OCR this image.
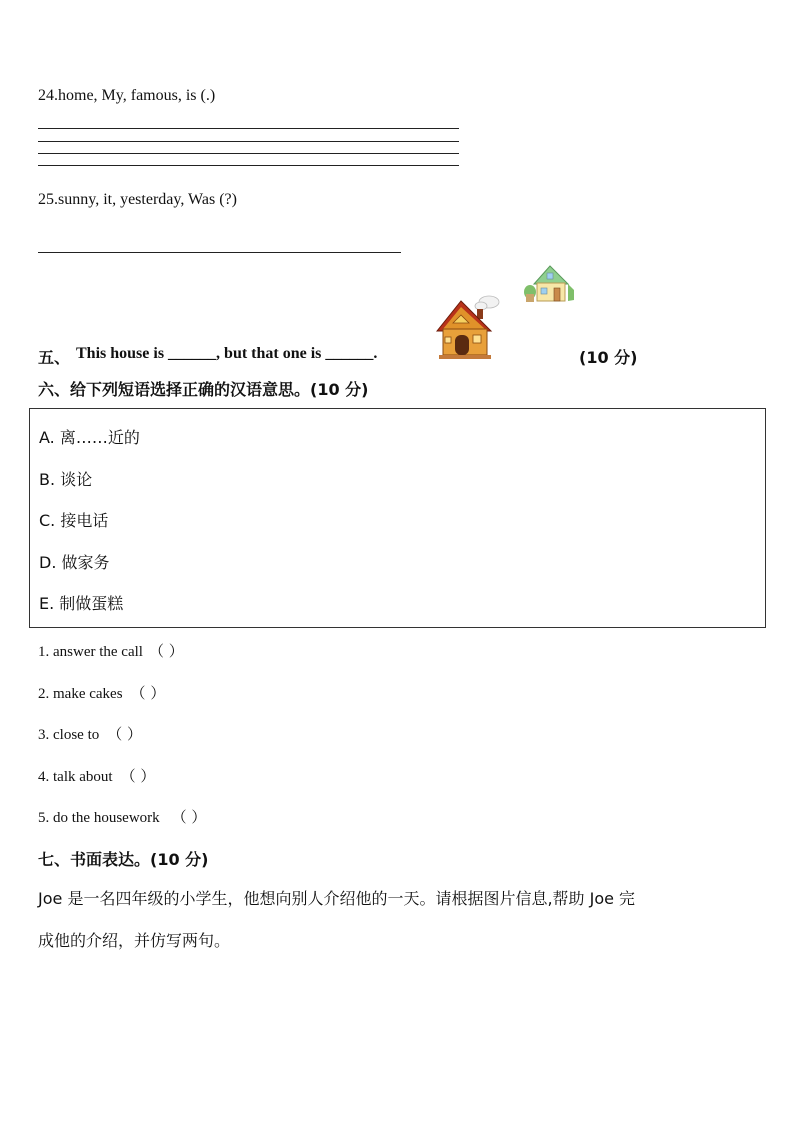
24.home, My, famous, is (.)
25.sunny, it, yesterday, Was (?)
五、 This house is ______, but that one is ______.	(10 分)
六、给下列短语选择正确的汉语意思。(10 分)
A. 离……近的
B. 谈论
C. 接电话
D. 做家务
E. 制做蛋糕
1. answer the call （ ）
2. make cakes （ ）
3. close to （ ）
4. talk about （ ）
5. do the housework （ ）
七、书面表达。(10 分)
Joe 是一名四年级的小学生，他想向别人介绍他的一天。请根据图片信息,帮助 Joe 完
成他的介绍，并仿写两句。
